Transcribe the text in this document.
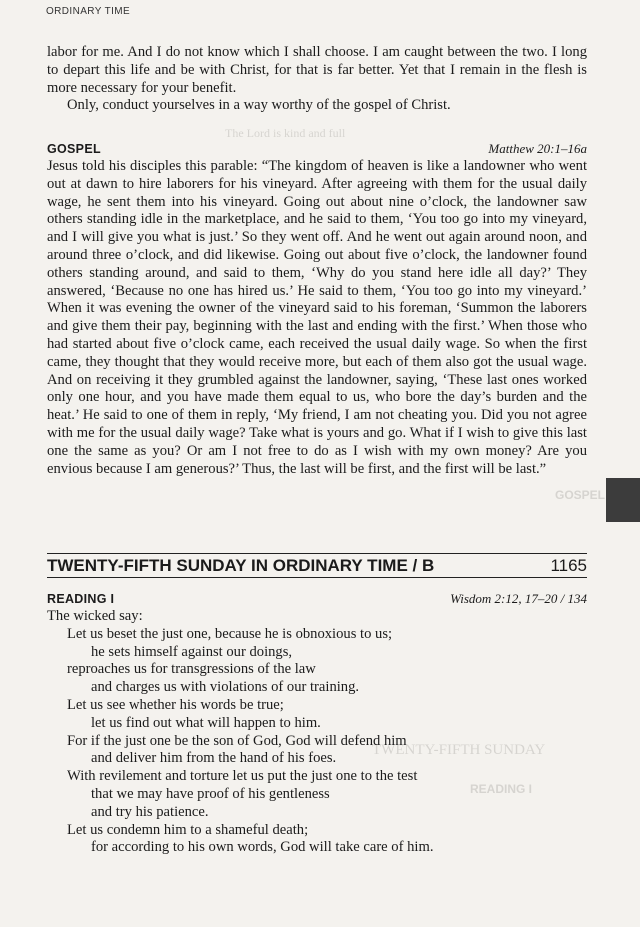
ORDINARY TIME
The Lord is kind and full
GOSPEL
TWENTY-FIFTH SUNDAY
READING I

labor for me. And I do not know which I shall choose. I am caught between the two. I long to depart this life and be with Christ, for that is far better. Yet that I remain in the flesh is more necessary for your benefit.

Only, conduct yourselves in a way worthy of the gospel of Christ.

GOSPEL	Matthew 20:1–16a

Jesus told his disciples this parable: “The kingdom of heaven is like a landowner who went out at dawn to hire laborers for his vineyard. After agreeing with them for the usual daily wage, he sent them into his vineyard. Going out about nine o’clock, the landowner saw others standing idle in the marketplace, and he said to them, ‘You too go into my vineyard, and I will give you what is just.’ So they went off. And he went out again around noon, and around three o’clock, and did likewise. Going out about five o’clock, the landowner found others standing around, and said to them, ‘Why do you stand here idle all day?’ They answered, ‘Because no one has hired us.’ He said to them, ‘You too go into my vineyard.’ When it was evening the owner of the vineyard said to his foreman, ‘Summon the laborers and give them their pay, beginning with the last and ending with the first.’ When those who had started about five o’clock came, each received the usual daily wage. So when the first came, they thought that they would receive more, but each of them also got the usual wage. And on receiving it they grumbled against the landowner, saying, ‘These last ones worked only one hour, and you have made them equal to us, who bore the day’s burden and the heat.’ He said to one of them in reply, ‘My friend, I am not cheating you. Did you not agree with me for the usual daily wage? Take what is yours and go. What if I wish to give this last one the same as you? Or am I not free to do as I wish with my own money? Are you envious because I am generous?’ Thus, the last will be first, and the first will be last.”

TWENTY-FIFTH SUNDAY IN ORDINARY TIME / B	1165
READING I	Wisdom 2:12, 17–20 / 134
The wicked say:
Let us beset the just one, because he is obnoxious to us;
he sets himself against our doings,
reproaches us for transgressions of the law
and charges us with violations of our training.
Let us see whether his words be true;
let us find out what will happen to him.
For if the just one be the son of God, God will defend him
and deliver him from the hand of his foes.
With revilement and torture let us put the just one to the test
that we may have proof of his gentleness
and try his patience.
Let us condemn him to a shameful death;
for according to his own words, God will take care of him.
